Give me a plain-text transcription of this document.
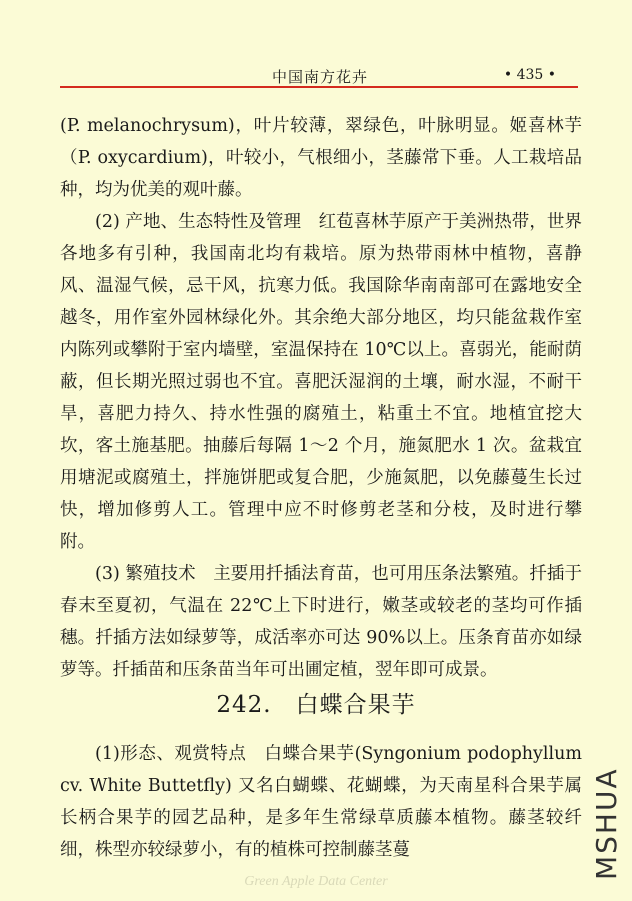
中国南方花卉	• 435 •

(P. melanochrysum)，叶片较薄，翠绿色，叶脉明显。姬喜林芋（P. oxycardium)，叶较小，气根细小，茎藤常下垂。人工栽培品种，均为优美的观叶藤。

(2) 产地、生态特性及管理　红苞喜林芋原产于美洲热带，世界各地多有引种，我国南北均有栽培。原为热带雨林中植物，喜静风、温湿气候，忌干风，抗寒力低。我国除华南南部可在露地安全越冬，用作室外园林绿化外。其余绝大部分地区，均只能盆栽作室内陈列或攀附于室内墙壁，室温保持在 10℃以上。喜弱光，能耐荫蔽，但长期光照过弱也不宜。喜肥沃湿润的土壤，耐水湿，不耐干旱，喜肥力持久、持水性强的腐殖土，粘重土不宜。地植宜挖大坎，客土施基肥。抽藤后每隔 1～2 个月，施氮肥水 1 次。盆栽宜用塘泥或腐殖土，拌施饼肥或复合肥，少施氮肥，以免藤蔓生长过快，增加修剪人工。管理中应不时修剪老茎和分枝，及时进行攀附。

(3) 繁殖技术　主要用扦插法育苗，也可用压条法繁殖。扦插于春末至夏初，气温在 22℃上下时进行，嫩茎或较老的茎均可作插穗。扦插方法如绿萝等，成活率亦可达 90%以上。压条育苗亦如绿萝等。扦插苗和压条苗当年可出圃定植，翌年即可成景。

242.　白蝶合果芋

(1)形态、观赏特点　白蝶合果芋(Syngonium podophyllum cv. White Buttetfly) 又名白蝴蝶、花蝴蝶，为天南星科合果芋属长柄合果芋的园艺品种，是多年生常绿草质藤本植物。藤茎较纤细，株型亦较绿萝小，有的植株可控制藤茎蔓

Green Apple Data Center
MSHUA
